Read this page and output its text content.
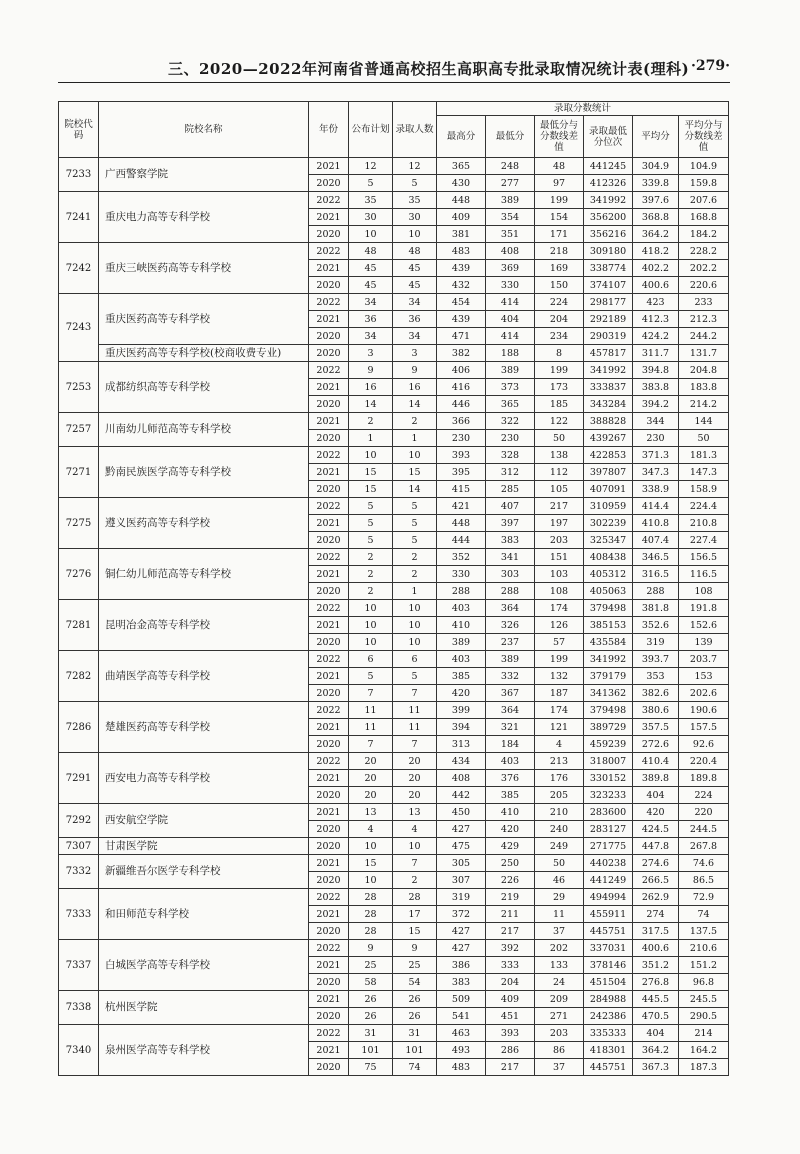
三、2020—2022年河南省普通高校招生高职高专批录取情况统计表(理科) ·279·
院校代码	院校名称	年份	公布计划	录取人数	录取分数统计					
					最高分	最低分	最低分与分数线差值	录取最低分位次	平均分	平均分与分数线差值
7233	广西警察学院	2021	12	12	365	248	48	441245	304.9	104.9
		2020	5	5	430	277	97	412326	339.8	159.8
7241	重庆电力高等专科学校	2022	35	35	448	389	199	341992	397.6	207.6
		2021	30	30	409	354	154	356200	368.8	168.8
		2020	10	10	381	351	171	356216	364.2	184.2
7242	重庆三峡医药高等专科学校	2022	48	48	483	408	218	309180	418.2	228.2
		2021	45	45	439	369	169	338774	402.2	202.2
		2020	45	45	432	330	150	374107	400.6	220.6
7243	重庆医药高等专科学校	2022	34	34	454	414	224	298177	423	233
		2021	36	36	439	404	204	292189	412.3	212.3
		2020	34	34	471	414	234	290319	424.2	244.2
	重庆医药高等专科学校(校商收费专业)	2020	3	3	382	188	8	457817	311.7	131.7
7253	成都纺织高等专科学校	2022	9	9	406	389	199	341992	394.8	204.8
		2021	16	16	416	373	173	333837	383.8	183.8
		2020	14	14	446	365	185	343284	394.2	214.2
7257	川南幼儿师范高等专科学校	2021	2	2	366	322	122	388828	344	144
		2020	1	1	230	230	50	439267	230	50
7271	黔南民族医学高等专科学校	2022	10	10	393	328	138	422853	371.3	181.3
		2021	15	15	395	312	112	397807	347.3	147.3
		2020	15	14	415	285	105	407091	338.9	158.9
7275	遵义医药高等专科学校	2022	5	5	421	407	217	310959	414.4	224.4
		2021	5	5	448	397	197	302239	410.8	210.8
		2020	5	5	444	383	203	325347	407.4	227.4
7276	铜仁幼儿师范高等专科学校	2022	2	2	352	341	151	408438	346.5	156.5
		2021	2	2	330	303	103	405312	316.5	116.5
		2020	2	1	288	288	108	405063	288	108
7281	昆明冶金高等专科学校	2022	10	10	403	364	174	379498	381.8	191.8
		2021	10	10	410	326	126	385153	352.6	152.6
		2020	10	10	389	237	57	435584	319	139
7282	曲靖医学高等专科学校	2022	6	6	403	389	199	341992	393.7	203.7
		2021	5	5	385	332	132	379179	353	153
		2020	7	7	420	367	187	341362	382.6	202.6
7286	楚雄医药高等专科学校	2022	11	11	399	364	174	379498	380.6	190.6
		2021	11	11	394	321	121	389729	357.5	157.5
		2020	7	7	313	184	4	459239	272.6	92.6
7291	西安电力高等专科学校	2022	20	20	434	403	213	318007	410.4	220.4
		2021	20	20	408	376	176	330152	389.8	189.8
		2020	20	20	442	385	205	323233	404	224
7292	西安航空学院	2021	13	13	450	410	210	283600	420	220
		2020	4	4	427	420	240	283127	424.5	244.5
7307	甘肃医学院	2020	10	10	475	429	249	271775	447.8	267.8
7332	新疆维吾尔医学专科学校	2021	15	7	305	250	50	440238	274.6	74.6
		2020	10	2	307	226	46	441249	266.5	86.5
7333	和田师范专科学校	2022	28	28	319	219	29	494994	262.9	72.9
		2021	28	17	372	211	11	455911	274	74
		2020	28	15	427	217	37	445751	317.5	137.5
7337	白城医学高等专科学校	2022	9	9	427	392	202	337031	400.6	210.6
		2021	25	25	386	333	133	378146	351.2	151.2
		2020	58	54	383	204	24	451504	276.8	96.8
7338	杭州医学院	2021	26	26	509	409	209	284988	445.5	245.5
		2020	26	26	541	451	271	242386	470.5	290.5
7340	泉州医学高等专科学校	2022	31	31	463	393	203	335333	404	214
		2021	101	101	493	286	86	418301	364.2	164.2
		2020	75	74	483	217	37	445751	367.3	187.3
